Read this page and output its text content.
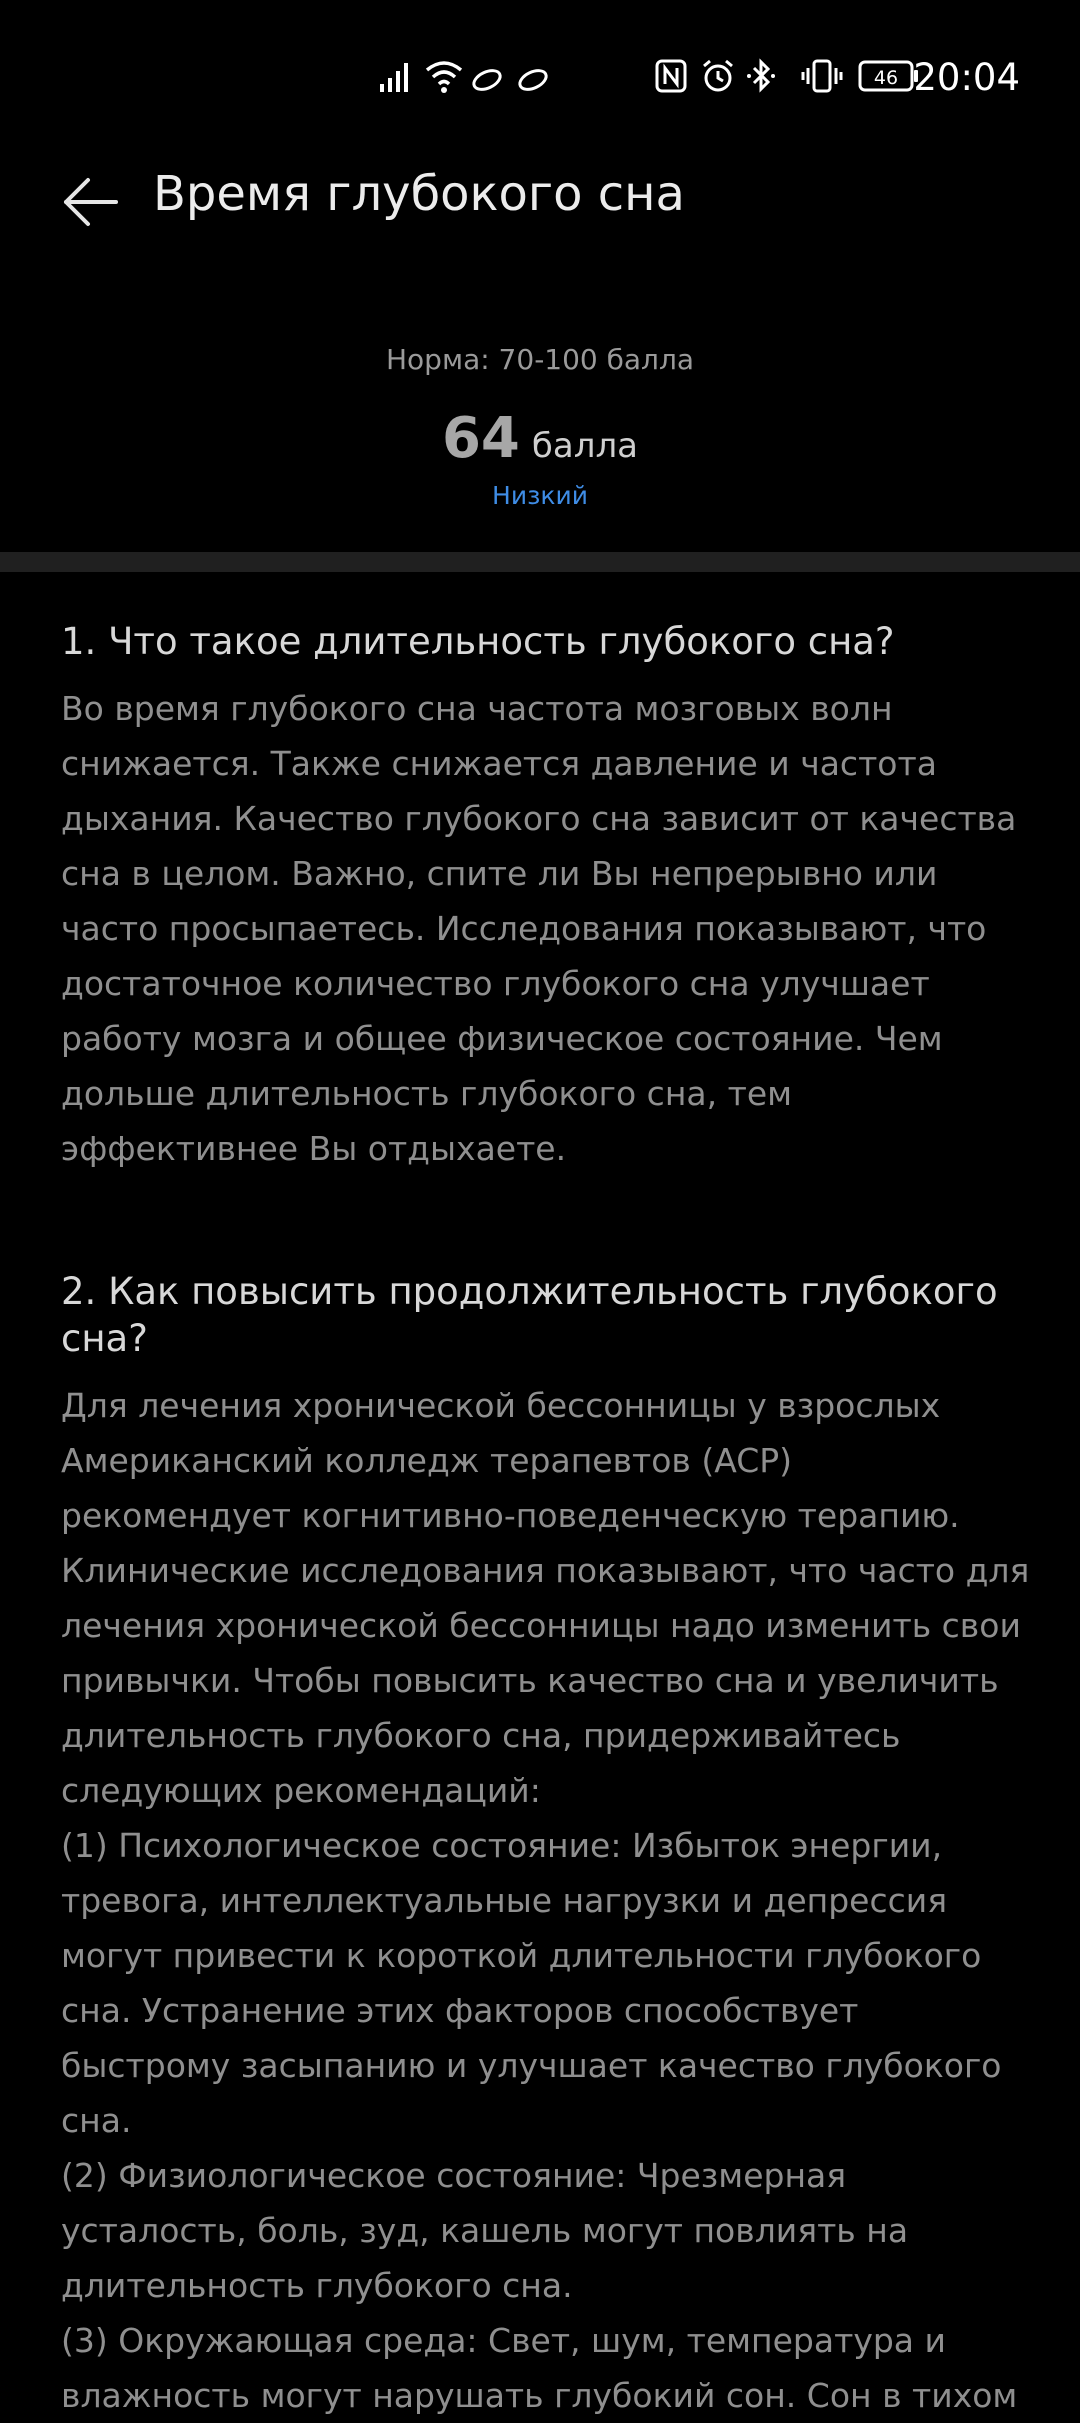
46 20:04
Время глубокого сна
Норма: 70-100 балла
64 балла
Низкий
1. Что такое длительность глубокого сна?

Во время глубокого сна частота мозговых волн снижается. Также снижается давление и частота дыхания. Качество глубокого сна зависит от качества сна в целом. Важно, спите ли Вы непрерывно или часто просыпаетесь. Исследования показывают, что достаточное количество глубокого сна улучшает работу мозга и общее физическое состояние. Чем дольше длительность глубокого сна, тем эффективнее Вы отдыхаете.

2. Как повысить продолжительность глубокого сна?

Для лечения хронической бессонницы у взрослых Американский колледж терапевтов (ACP) рекомендует когнитивно-поведенческую терапию. Клинические исследования показывают, что часто для лечения хронической бессонницы надо изменить свои привычки. Чтобы повысить качество сна и увеличить длительность глубокого сна, придерживайтесь следующих рекомендаций:

(1) Психологическое состояние: Избыток энергии, тревога, интеллектуальные нагрузки и депрессия могут привести к короткой длительности глубокого сна. Устранение этих факторов способствует быстрому засыпанию и улучшает качество глубокого сна.

(2) Физиологическое состояние: Чрезмерная усталость, боль, зуд, кашель могут повлиять на длительность глубокого сна.

(3) Окружающая среда: Свет, шум, температура и влажность могут нарушать глубокий сон. Сон в тихом
